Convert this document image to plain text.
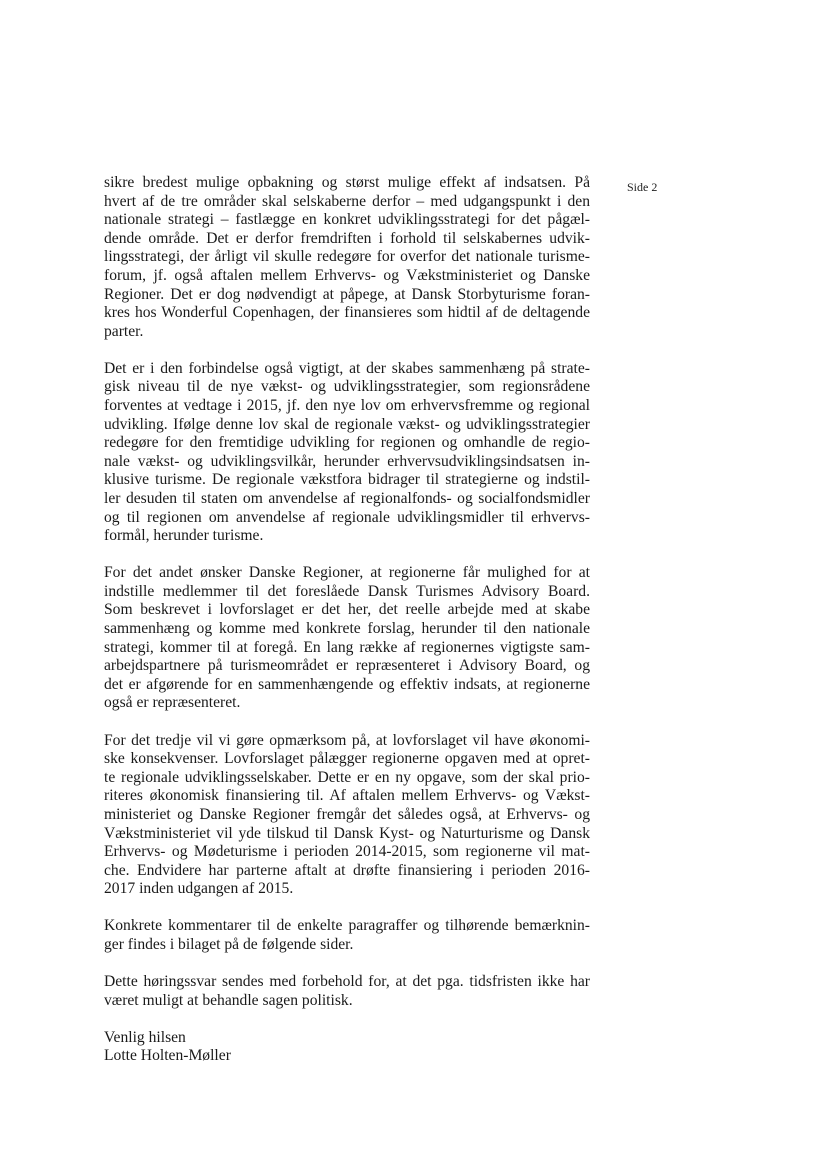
Side 2
sikre bredest mulige opbakning og størst mulige effekt af indsatsen. På
hvert af de tre områder skal selskaberne derfor – med udgangspunkt i den
nationale strategi – fastlægge en konkret udviklingsstrategi for det pågæl-
dende område. Det er derfor fremdriften i forhold til selskabernes udvik-
lingsstrategi, der årligt vil skulle redegøre for overfor det nationale turisme-
forum, jf. også aftalen mellem Erhvervs- og Vækstministeriet og Danske
Regioner. Det er dog nødvendigt at påpege, at Dansk Storbyturisme foran-
kres hos Wonderful Copenhagen, der finansieres som hidtil af de deltagende
parter.
Det er i den forbindelse også vigtigt, at der skabes sammenhæng på strate-
gisk niveau til de nye vækst- og udviklingsstrategier, som regionsrådene
forventes at vedtage i 2015, jf. den nye lov om erhvervsfremme og regional
udvikling. Ifølge denne lov skal de regionale vækst- og udviklingsstrategier
redegøre for den fremtidige udvikling for regionen og omhandle de regio-
nale vækst- og udviklingsvilkår, herunder erhvervsudviklingsindsatsen in-
klusive turisme. De regionale vækstfora bidrager til strategierne og indstil-
ler desuden til staten om anvendelse af regionalfonds- og socialfondsmidler
og til regionen om anvendelse af regionale udviklingsmidler til erhvervs-
formål, herunder turisme.
For det andet ønsker Danske Regioner, at regionerne får mulighed for at
indstille medlemmer til det foreslåede Dansk Turismes Advisory Board.
Som beskrevet i lovforslaget er det her, det reelle arbejde med at skabe
sammenhæng og komme med konkrete forslag, herunder til den nationale
strategi, kommer til at foregå. En lang række af regionernes vigtigste sam-
arbejdspartnere på turismeområdet er repræsenteret i Advisory Board, og
det er afgørende for en sammenhængende og effektiv indsats, at regionerne
også er repræsenteret.
For det tredje vil vi gøre opmærksom på, at lovforslaget vil have økonomi-
ske konsekvenser. Lovforslaget pålægger regionerne opgaven med at opret-
te regionale udviklingsselskaber. Dette er en ny opgave, som der skal prio-
riteres økonomisk finansiering til. Af aftalen mellem Erhvervs- og Vækst-
ministeriet og Danske Regioner fremgår det således også, at Erhvervs- og
Vækstministeriet vil yde tilskud til Dansk Kyst- og Naturturisme og Dansk
Erhvervs- og Mødeturisme i perioden 2014-2015, som regionerne vil mat-
che. Endvidere har parterne aftalt at drøfte finansiering i perioden 2016-
2017 inden udgangen af 2015.
Konkrete kommentarer til de enkelte paragraffer og tilhørende bemærknin-
ger findes i bilaget på de følgende sider.
Dette høringssvar sendes med forbehold for, at det pga. tidsfristen ikke har
været muligt at behandle sagen politisk.
Venlig hilsen
Lotte Holten-Møller
